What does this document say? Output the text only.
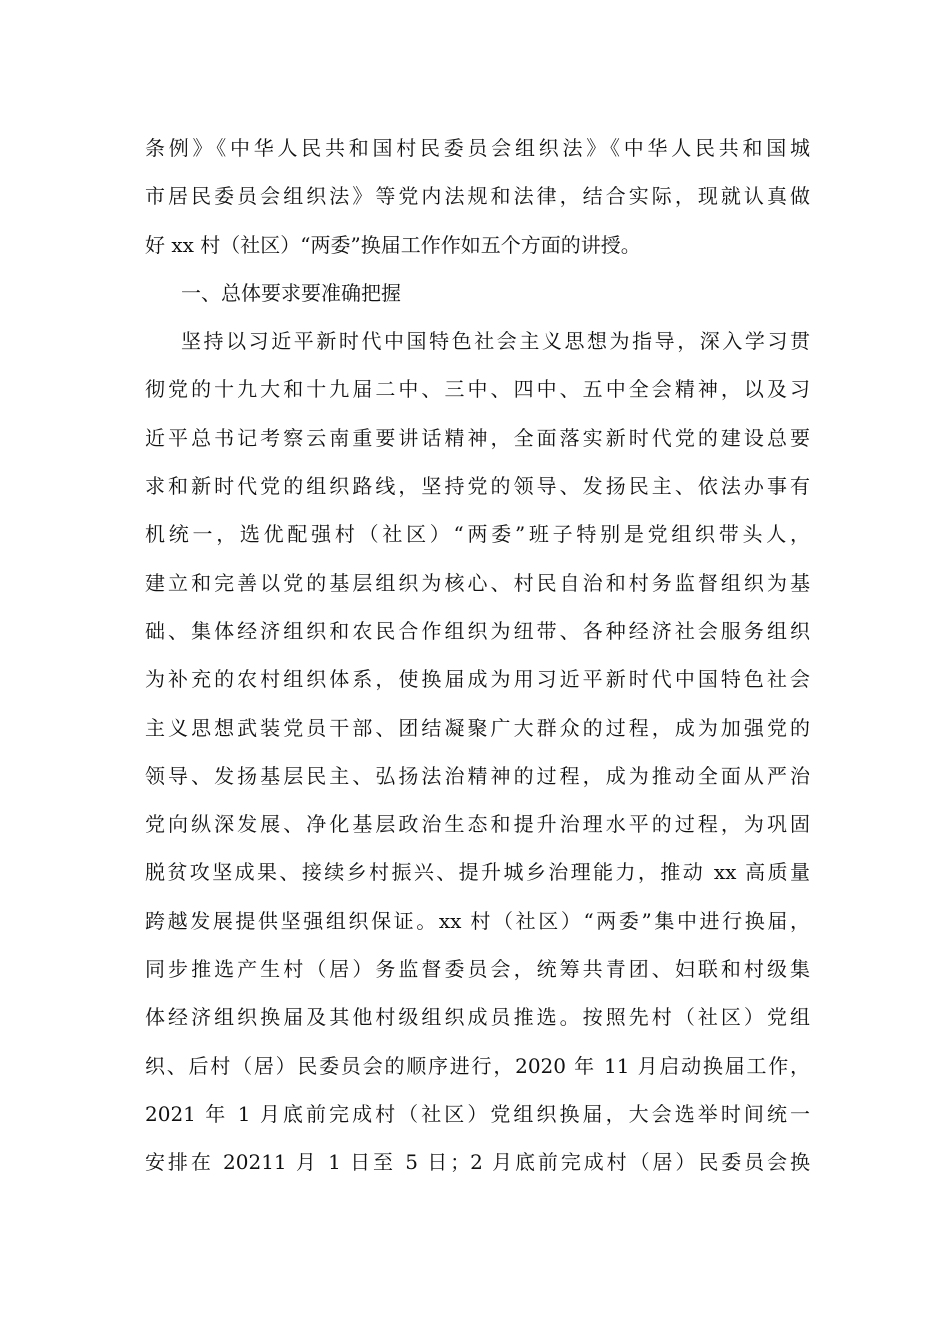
条例》《中华人民共和国村民委员会组织法》《中华人民共和国城
市居民委员会组织法》等党内法规和法律，结合实际，现就认真做
好 xx 村（社区）“两委”换届工作作如五个方面的讲授。
一、总体要求要准确把握
坚持以习近平新时代中国特色社会主义思想为指导，深入学习贯
彻党的十九大和十九届二中、三中、四中、五中全会精神，以及习
近平总书记考察云南重要讲话精神，全面落实新时代党的建设总要
求和新时代党的组织路线，坚持党的领导、发扬民主、依法办事有
机统一，选优配强村（社区）“两委”班子特别是党组织带头人，
建立和完善以党的基层组织为核心、村民自治和村务监督组织为基
础、集体经济组织和农民合作组织为纽带、各种经济社会服务组织
为补充的农村组织体系，使换届成为用习近平新时代中国特色社会
主义思想武装党员干部、团结凝聚广大群众的过程，成为加强党的
领导、发扬基层民主、弘扬法治精神的过程，成为推动全面从严治
党向纵深发展、净化基层政治生态和提升治理水平的过程，为巩固
脱贫攻坚成果、接续乡村振兴、提升城乡治理能力，推动 xx 高质量
跨越发展提供坚强组织保证。xx 村（社区）“两委”集中进行换届，
同步推选产生村（居）务监督委员会，统筹共青团、妇联和村级集
体经济组织换届及其他村级组织成员推选。按照先村（社区）党组
织、后村（居）民委员会的顺序进行，2020 年 11 月启动换届工作，
2021 年 1 月底前完成村（社区）党组织换届，大会选举时间统一
安排在 20211 月 1 日至 5 日；2 月底前完成村（居）民委员会换
